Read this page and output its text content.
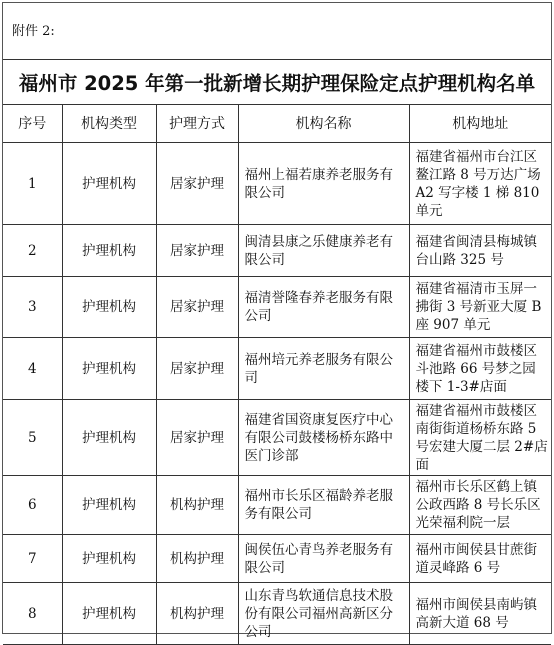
附件 2:
福州市 2025 年第一批新增长期护理保险定点护理机构名单
序号	机构类型	护理方式	机构名称	机构地址
1	护理机构	居家护理	福州上福若康养老服务有限公司	福建省福州市台江区鳌江路 8 号万达广场 A2 写字楼 1 梯 810 单元
2	护理机构	居家护理	闽清县康之乐健康养老有限公司	福建省闽清县梅城镇台山路 325 号
3	护理机构	居家护理	福清誉隆春养老服务有限公司	福建省福清市玉屏一拂街 3 号新亚大厦 B 座 907 单元
4	护理机构	居家护理	福州培元养老服务有限公司	福建省福州市鼓楼区斗池路 66 号梦之园楼下 1-3#店面
5	护理机构	居家护理	福建省国资康复医疗中心有限公司鼓楼杨桥东路中医门诊部	福建省福州市鼓楼区南街街道杨桥东路 5 号宏建大厦二层 2#店面
6	护理机构	机构护理	福州市长乐区福龄养老服务有限公司	福州市长乐区鹤上镇公政西路 8 号长乐区光荣福利院一层
7	护理机构	机构护理	闽侯伍心青鸟养老服务有限公司	福州市闽侯县甘蔗街道灵峰路 6 号
8	护理机构	机构护理	山东青鸟软通信息技术股份有限公司福州高新区分公司	福州市闽侯县南屿镇高新大道 68 号
